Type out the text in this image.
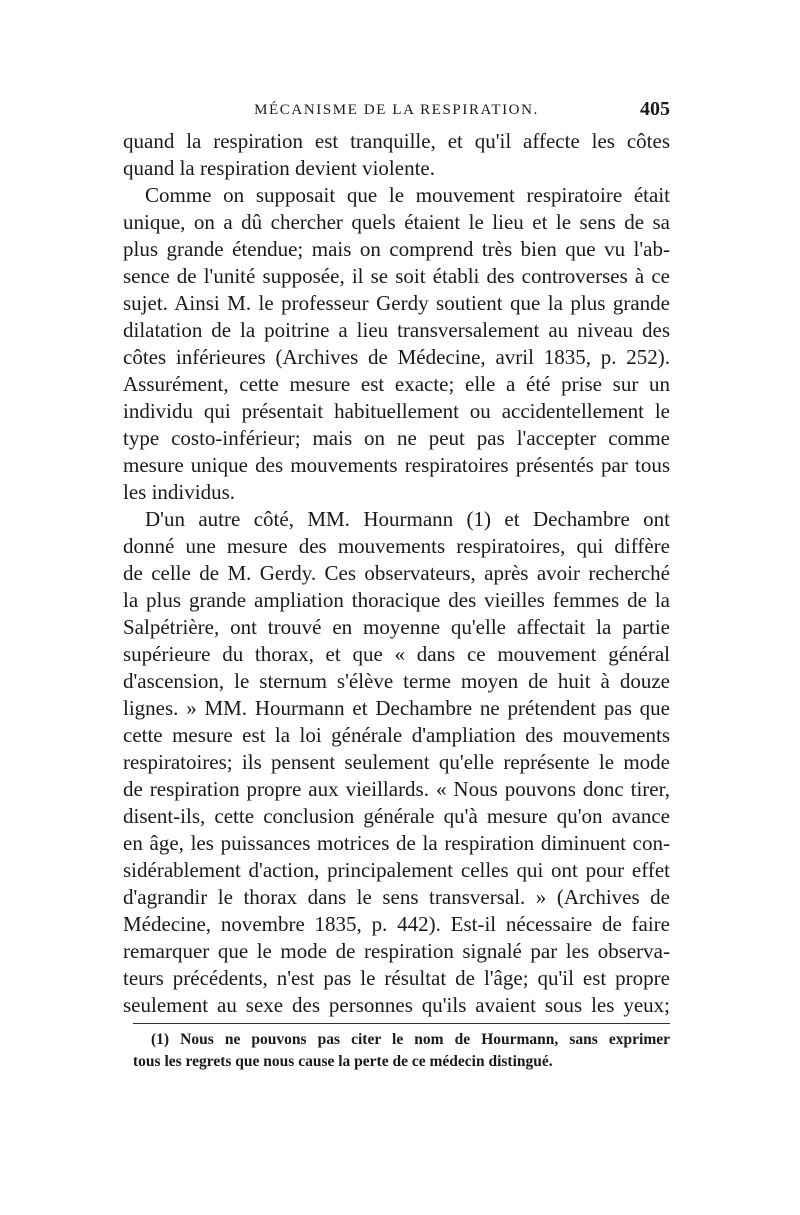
MÉCANISME DE LA RESPIRATION.	405
quand la respiration est tranquille, et qu'il affecte les côtes
quand la respiration devient violente.
Comme on supposait que le mouvement respiratoire était
unique, on a dû chercher quels étaient le lieu et le sens de sa
plus grande étendue; mais on comprend très bien que vu l'ab-
sence de l'unité supposée, il se soit établi des controverses à ce
sujet. Ainsi M. le professeur Gerdy soutient que la plus grande
dilatation de la poitrine a lieu transversalement au niveau des
côtes inférieures (Archives de Médecine, avril 1835, p. 252).
Assurément, cette mesure est exacte; elle a été prise sur un
individu qui présentait habituellement ou accidentellement le
type costo-inférieur; mais on ne peut pas l'accepter comme
mesure unique des mouvements respiratoires présentés par tous
les individus.
D'un autre côté, MM. Hourmann (1) et Dechambre ont
donné une mesure des mouvements respiratoires, qui diffère
de celle de M. Gerdy. Ces observateurs, après avoir recherché
la plus grande ampliation thoracique des vieilles femmes de la
Salpétrière, ont trouvé en moyenne qu'elle affectait la partie
supérieure du thorax, et que « dans ce mouvement général
d'ascension, le sternum s'élève terme moyen de huit à douze
lignes. » MM. Hourmann et Dechambre ne prétendent pas que
cette mesure est la loi générale d'ampliation des mouvements
respiratoires; ils pensent seulement qu'elle représente le mode
de respiration propre aux vieillards. « Nous pouvons donc tirer,
disent-ils, cette conclusion générale qu'à mesure qu'on avance
en âge, les puissances motrices de la respiration diminuent con-
sidérablement d'action, principalement celles qui ont pour effet
d'agrandir le thorax dans le sens transversal. » (Archives de
Médecine, novembre 1835, p. 442). Est-il nécessaire de faire
remarquer que le mode de respiration signalé par les observa-
teurs précédents, n'est pas le résultat de l'âge; qu'il est propre
seulement au sexe des personnes qu'ils avaient sous les yeux;
(1) Nous ne pouvons pas citer le nom de Hourmann, sans exprimer
tous les regrets que nous cause la perte de ce médecin distingué.
